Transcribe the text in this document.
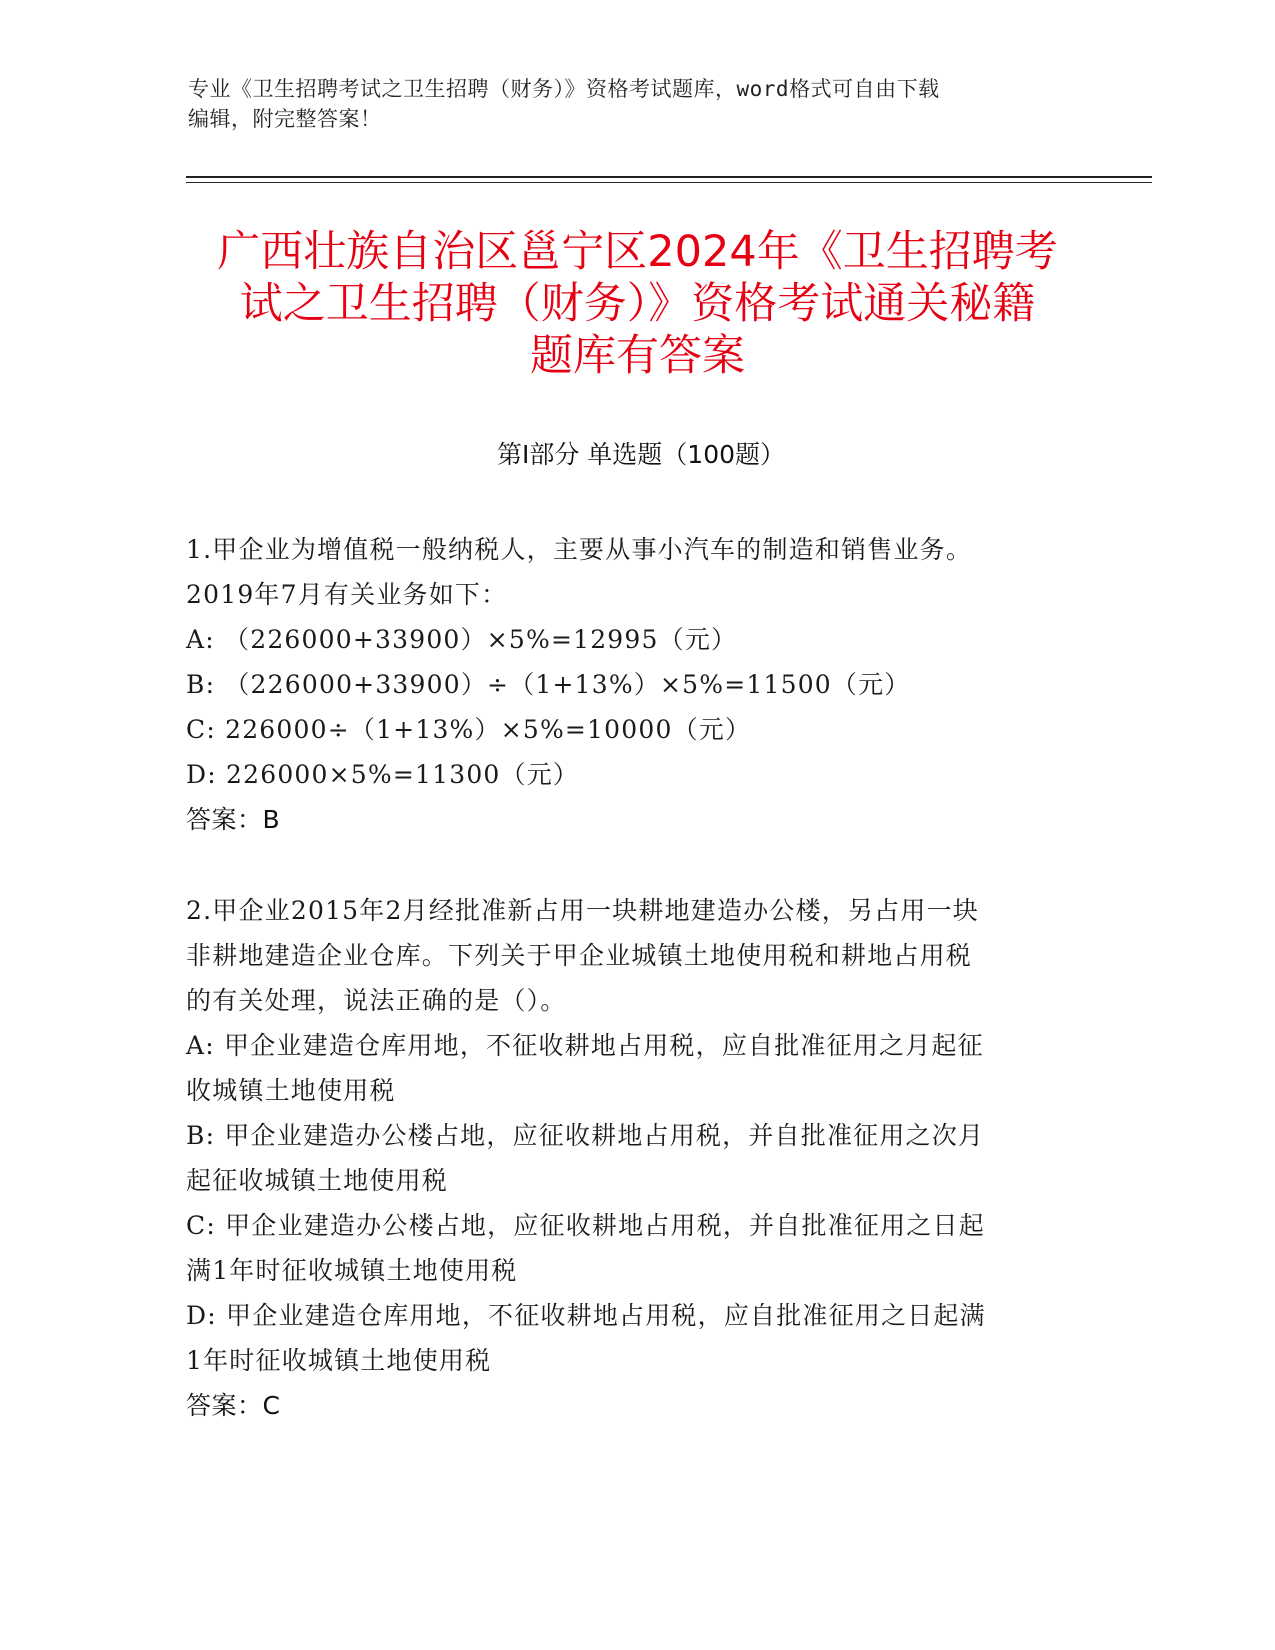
专业《卫生招聘考试之卫生招聘（财务）》资格考试题库，word格式可自由下载
编辑，附完整答案！
广西壮族自治区邕宁区2024年《卫生招聘考
试之卫生招聘（财务）》资格考试通关秘籍
题库有答案
第Ⅰ部分 单选题（100题）
1.甲企业为增值税一般纳税人，主要从事小汽车的制造和销售业务。
2019年7月有关业务如下：
A: （226000+33900）×5%=12995（元）
B: （226000+33900）÷（1+13%）×5%=11500（元）
C: 226000÷（1+13%）×5%=10000（元）
D: 226000×5%=11300（元）
答案：B
2.甲企业2015年2月经批准新占用一块耕地建造办公楼，另占用一块
非耕地建造企业仓库。下列关于甲企业城镇土地使用税和耕地占用税
的有关处理，说法正确的是（）。
A: 甲企业建造仓库用地，不征收耕地占用税，应自批准征用之月起征
收城镇土地使用税
B: 甲企业建造办公楼占地，应征收耕地占用税，并自批准征用之次月
起征收城镇土地使用税
C: 甲企业建造办公楼占地，应征收耕地占用税，并自批准征用之日起
满1年时征收城镇土地使用税
D: 甲企业建造仓库用地，不征收耕地占用税，应自批准征用之日起满
1年时征收城镇土地使用税
答案：C
